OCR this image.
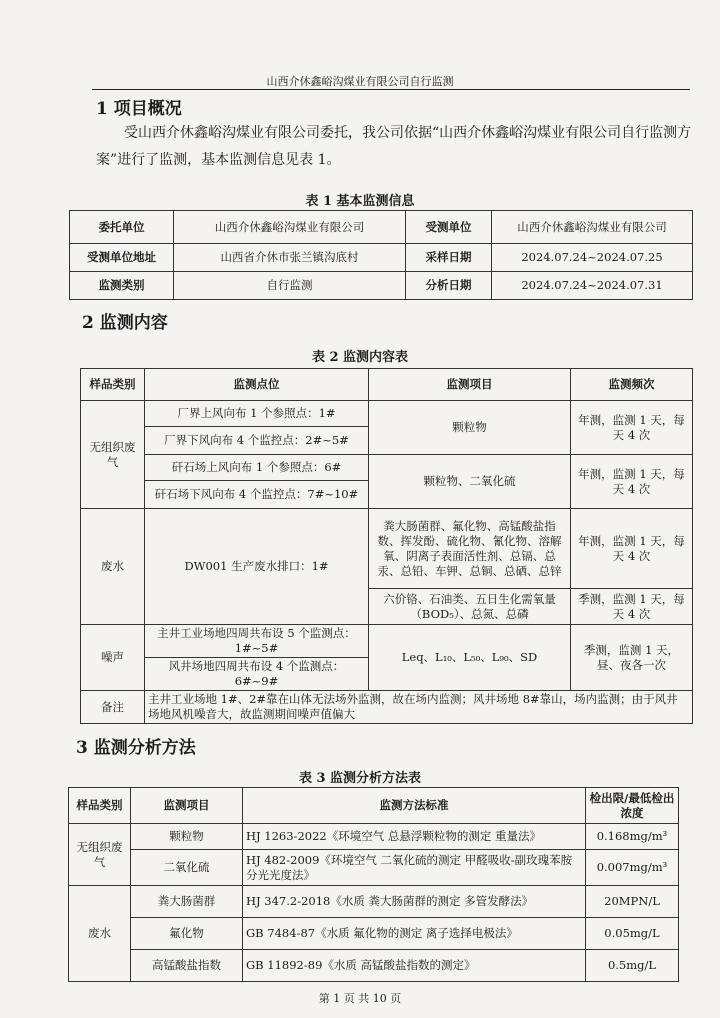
山西介休鑫峪沟煤业有限公司自行监测
1 项目概况
受山西介休鑫峪沟煤业有限公司委托，我公司依据“山西介休鑫峪沟煤业有限公司自行监测方案”进行了监测，基本监测信息见表 1。
表 1 基本监测信息
委托单位	山西介休鑫峪沟煤业有限公司	受测单位	山西介休鑫峪沟煤业有限公司
受测单位地址	山西省介休市张兰镇沟底村	采样日期	2024.07.24~2024.07.25
监测类别	自行监测	分析日期	2024.07.24~2024.07.31
2 监测内容
表 2 监测内容表
样品类别	监测点位	监测项目	监测频次
无组织废气	厂界上风向布 1 个参照点：1#	颗粒物	年测，监测 1 天，每天 4 次
	厂界下风向布 4 个监控点：2#~5#		
	矸石场上风向布 1 个参照点：6#	颗粒物、二氧化硫	年测，监测 1 天，每天 4 次
	矸石场下风向布 4 个监控点：7#~10#		
废水	DW001 生产废水排口：1#	粪大肠菌群、氟化物、高锰酸盐指数、挥发酚、硫化物、氰化物、溶解氧、阴离子表面活性剂、总镉、总汞、总铅、车钾、总铜、总硒、总锌	年测，监测 1 天，每天 4 次
		六价铬、石油类、五日生化需氧量（BOD₅）、总氮、总磷	季测，监测 1 天，每天 4 次
噪声	主井工业场地四周共布设 5 个监测点：1#~5#	Leq、L₁₀、L₅₀、L₉₀、SD	季测，监测 1 天，昼、夜各一次
	风井场地四周共布设 4 个监测点：6#~9#		
备注	主井工业场地 1#、2#靠在山体无法场外监测，故在场内监测；风井场地 8#靠山，场内监测；由于风井场地风机噪音大，故监测期间噪声值偏大		
3 监测分析方法
表 3 监测分析方法表
样品类别	监测项目	监测方法标准	检出限/最低检出浓度
无组织废气	颗粒物	HJ 1263-2022《环境空气 总悬浮颗粒物的测定 重量法》	0.168mg/m³
	二氧化硫	HJ 482-2009《环境空气 二氧化硫的测定 甲醛吸收-副玫瑰苯胺分光光度法》	0.007mg/m³
废水	粪大肠菌群	HJ 347.2-2018《水质 粪大肠菌群的测定 多管发酵法》	20MPN/L
	氟化物	GB 7484-87《水质 氟化物的测定 离子选择电极法》	0.05mg/L
	高锰酸盐指数	GB 11892-89《水质 高锰酸盐指数的测定》	0.5mg/L
第 1 页 共 10 页
